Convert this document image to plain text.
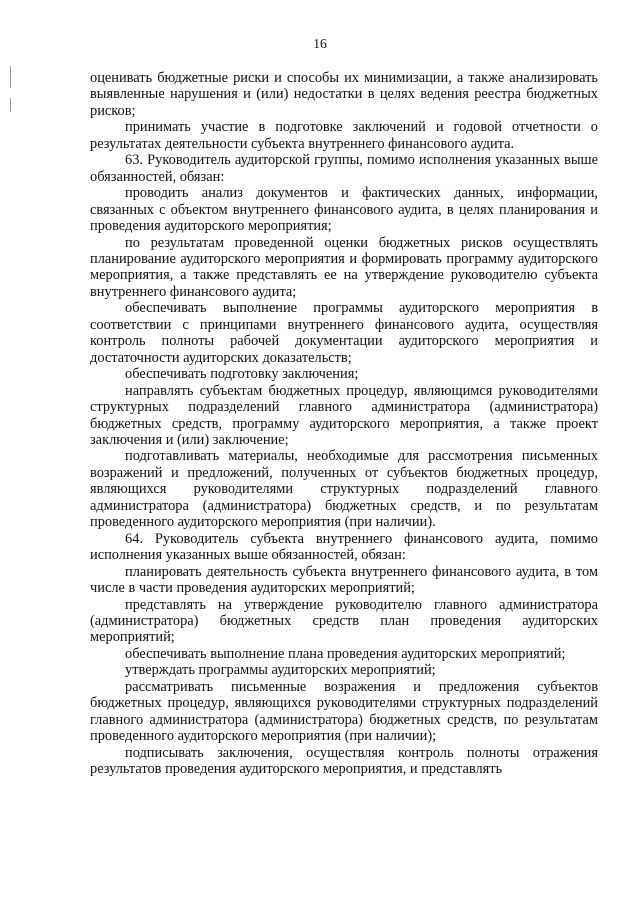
16

оценивать бюджетные риски и способы их минимизации, а также анализировать выявленные нарушения и (или) недостатки в целях ведения реестра бюджетных рисков;

принимать участие в подготовке заключений и годовой отчетности о результатах деятельности субъекта внутреннего финансового аудита.

63. Руководитель аудиторской группы, помимо исполнения указанных выше обязанностей, обязан:

проводить анализ документов и фактических данных, информации, связанных с объектом внутреннего финансового аудита, в целях планирования и проведения аудиторского мероприятия;

по результатам проведенной оценки бюджетных рисков осуществлять планирование аудиторского мероприятия и формировать программу аудиторского мероприятия, а также представлять ее на утверждение руководителю субъекта внутреннего финансового аудита;

обеспечивать выполнение программы аудиторского мероприятия в соответствии с принципами внутреннего финансового аудита, осуществляя контроль полноты рабочей документации аудиторского мероприятия и достаточности аудиторских доказательств;

обеспечивать подготовку заключения;

направлять субъектам бюджетных процедур, являющимся руководителями структурных подразделений главного администратора (администратора) бюджетных средств, программу аудиторского мероприятия, а также проект заключения и (или) заключение;

подготавливать материалы, необходимые для рассмотрения письменных возражений и предложений, полученных от субъектов бюджетных процедур, являющихся руководителями структурных подразделений главного администратора (администратора) бюджетных средств, и по результатам проведенного аудиторского мероприятия (при наличии).

64. Руководитель субъекта внутреннего финансового аудита, помимо исполнения указанных выше обязанностей, обязан:

планировать деятельность субъекта внутреннего финансового аудита, в том числе в части проведения аудиторских мероприятий;

представлять на утверждение руководителю главного администратора (администратора) бюджетных средств план проведения аудиторских мероприятий;

обеспечивать выполнение плана проведения аудиторских мероприятий;

утверждать программы аудиторских мероприятий;

рассматривать письменные возражения и предложения субъектов бюджетных процедур, являющихся руководителями структурных подразделений главного администратора (администратора) бюджетных средств, по результатам проведенного аудиторского мероприятия (при наличии);

подписывать заключения, осуществляя контроль полноты отражения результатов проведения аудиторского мероприятия, и представлять
